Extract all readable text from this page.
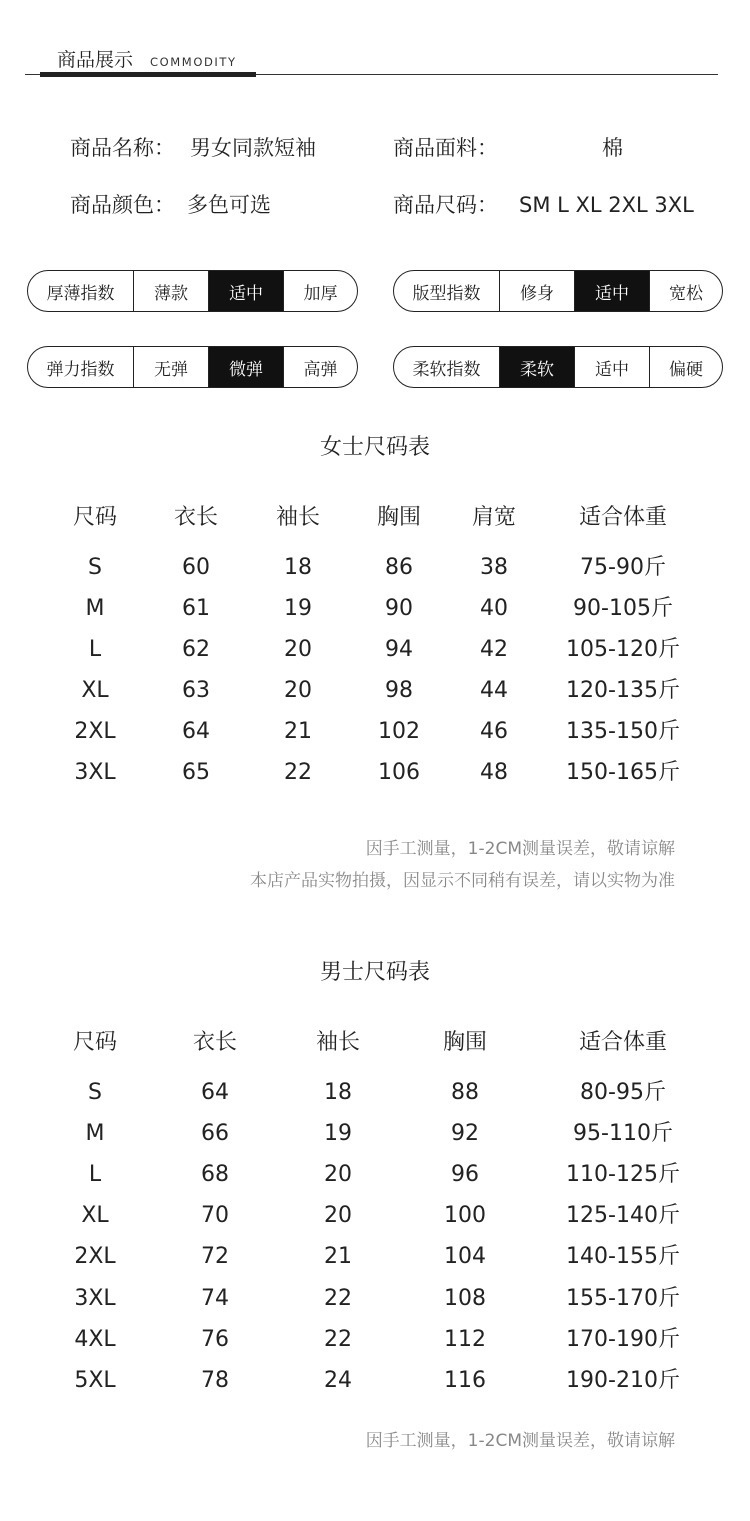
商品展示 COMMODITY
商品名称： 男女同款短袖	商品面料：	棉
商品颜色： 多色可选	商品尺码： SM L XL 2XL 3XL
厚薄指数	薄款	适中	加厚	版型指数	修身	适中	宽松
弹力指数	无弹	微弹	高弹	柔软指数	柔软	适中	偏硬
女士尺码表
尺码	衣长	袖长	胸围 肩宽	适合体重
S	60	18	86	38	75-90斤
M	61	19	90	40	90-105斤
L	62	20	94	42	105-120斤
XL	63	20	98	44	120-135斤
2XL	64	21	102	46	135-150斤
3XL	65	22	106	48	150-165斤
因手工测量，1-2CM测量误差，敬请谅解
本店产品实物拍摄，因显示不同稍有误差，请以实物为准
男士尺码表
尺码	衣长	袖长	胸围	适合体重
S	64	18	88	80-95斤
M	66	19	92	95-110斤
L	68	20	96	110-125斤
XL	70	20	100	125-140斤
2XL	72	21	104	140-155斤
3XL	74	22	108	155-170斤
4XL	76	22	112	170-190斤
5XL	78	24	116	190-210斤
因手工测量，1-2CM测量误差，敬请谅解
